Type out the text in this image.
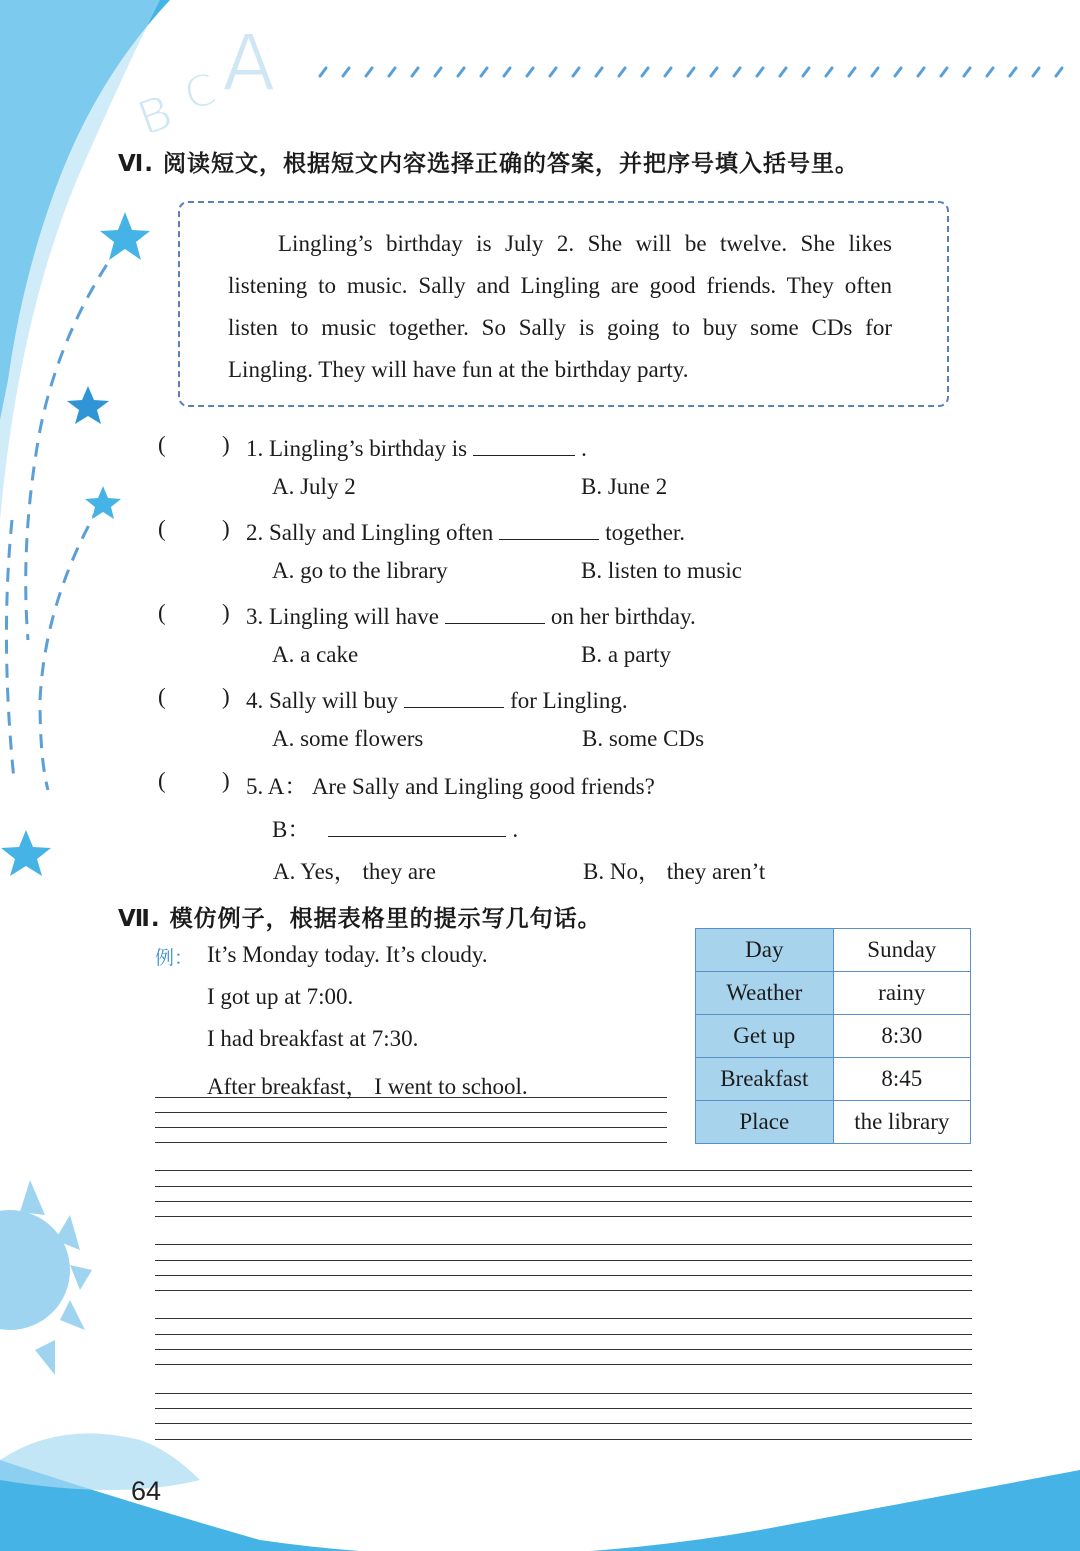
B
C A
Ⅵ. 阅读短文，根据短文内容选择正确的答案，并把序号填入括号里。
Lingling’s birthday is July 2. She will be twelve. She likes listening to music. Sally and Lingling are good friends. They often listen to music together. So Sally is going to buy some CDs for Lingling. They will have fun at the birthday party.
( ) 1. Lingling’s birthday is	.
A. July 2	B. June 2
( ) 2. Sally and Lingling often	together.
A. go to the library	B. listen to music
( ) 3. Lingling will have	on her birthday.
A. a cake	B. a party
( ) 4. Sally will buy	for Lingling.
A. some flowers	B. some CDs
( ) 5. A： Are Sally and Lingling good friends?
B：	.
A. Yes， they are	B. No， they aren’t
Ⅶ. 模仿例子，根据表格里的提示写几句话。
例： It’s Monday today. It’s cloudy.
I got up at 7:00.
I had breakfast at 7:30.
After breakfast， I went to school.
Day	Sunday
Weather	rainy
Get up	8:30
Breakfast	8:45
Place	the library
64
